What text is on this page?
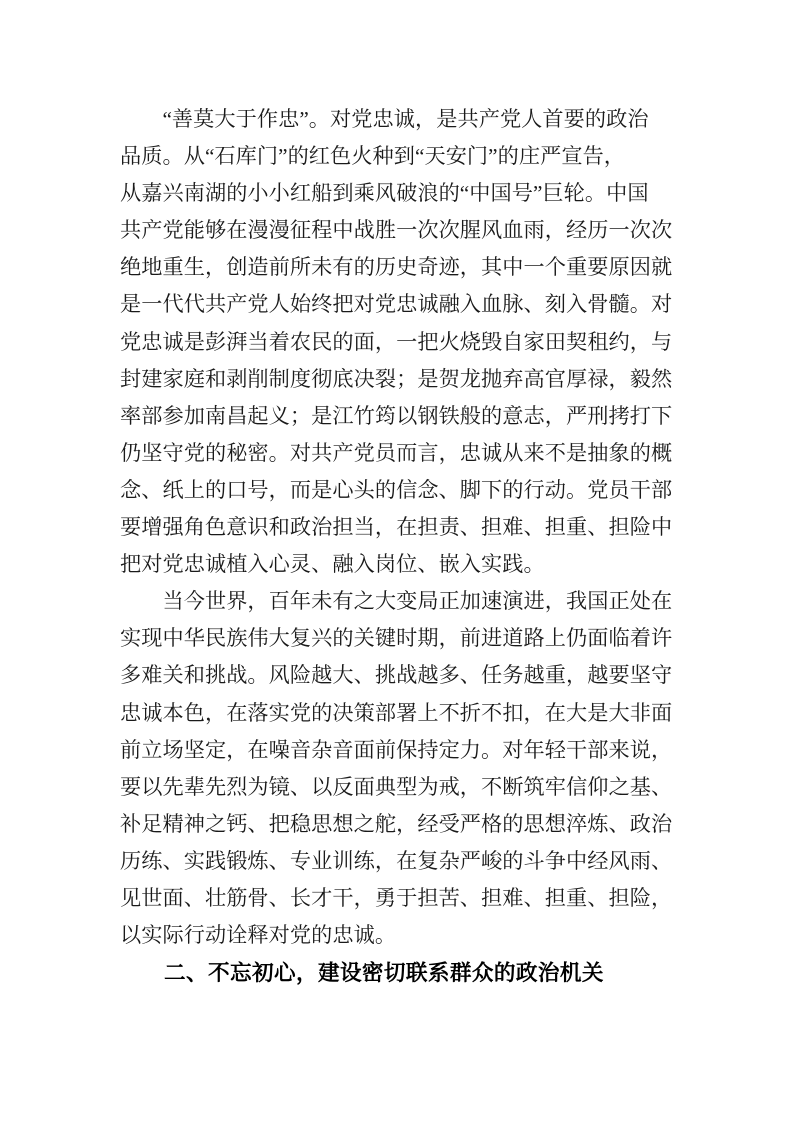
　　“善莫大于作忠”。对党忠诚，是共产党人首要的政治
品质。从“石库门”的红色火种到“天安门”的庄严宣告，
从嘉兴南湖的小小红船到乘风破浪的“中国号”巨轮。中国
共产党能够在漫漫征程中战胜一次次腥风血雨，经历一次次
绝地重生，创造前所未有的历史奇迹，其中一个重要原因就
是一代代共产党人始终把对党忠诚融入血脉、刻入骨髓。对
党忠诚是彭湃当着农民的面，一把火烧毁自家田契租约，与
封建家庭和剥削制度彻底决裂；是贺龙抛弃高官厚禄，毅然
率部参加南昌起义；是江竹筠以钢铁般的意志，严刑拷打下
仍坚守党的秘密。对共产党员而言，忠诚从来不是抽象的概
念、纸上的口号，而是心头的信念、脚下的行动。党员干部
要增强角色意识和政治担当，在担责、担难、担重、担险中
把对党忠诚植入心灵、融入岗位、嵌入实践。
　　当今世界，百年未有之大变局正加速演进，我国正处在
实现中华民族伟大复兴的关键时期，前进道路上仍面临着许
多难关和挑战。风险越大、挑战越多、任务越重，越要坚守
忠诚本色，在落实党的决策部署上不折不扣，在大是大非面
前立场坚定，在噪音杂音面前保持定力。对年轻干部来说，
要以先辈先烈为镜、以反面典型为戒，不断筑牢信仰之基、
补足精神之钙、把稳思想之舵，经受严格的思想淬炼、政治
历练、实践锻炼、专业训练，在复杂严峻的斗争中经风雨、
见世面、壮筋骨、长才干，勇于担苦、担难、担重、担险，
以实际行动诠释对党的忠诚。
　　二、不忘初心，建设密切联系群众的政治机关
